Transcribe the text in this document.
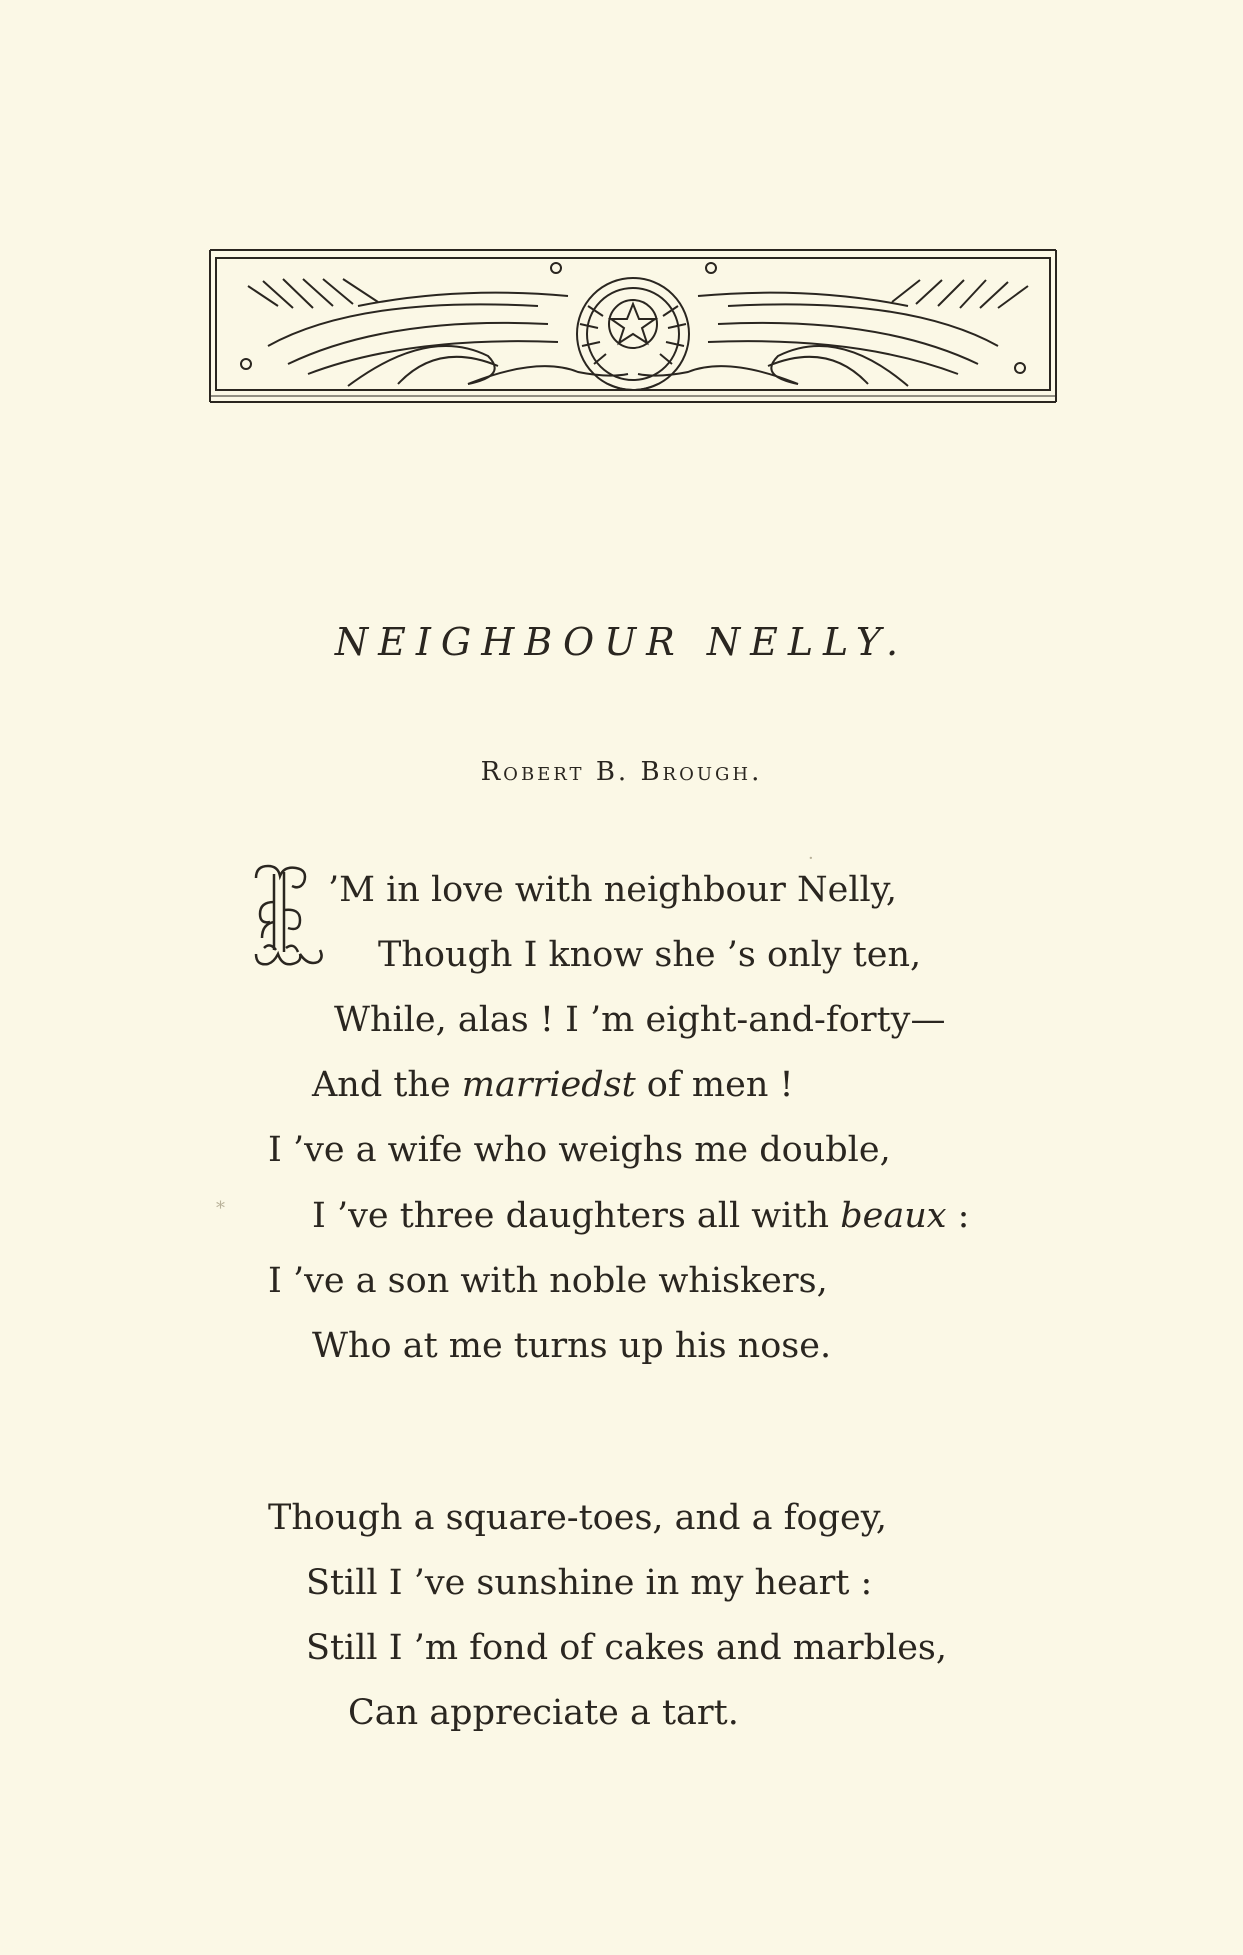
NEIGHBOUR NELLY.
Robert B. Brough.
’M in love with neighbour Nelly,
Though I know she ’s only ten,
While, alas ! I ’m eight-and-forty—
And the marriedst of men !
I ’ve a wife who weighs me double,
I ’ve three daughters all with beaux :
I ’ve a son with noble whiskers,
Who at me turns up his nose.
Though a square-toes, and a fogey,
Still I ’ve sunshine in my heart :
Still I ’m fond of cakes and marbles,
Can appreciate a tart.
*
·
